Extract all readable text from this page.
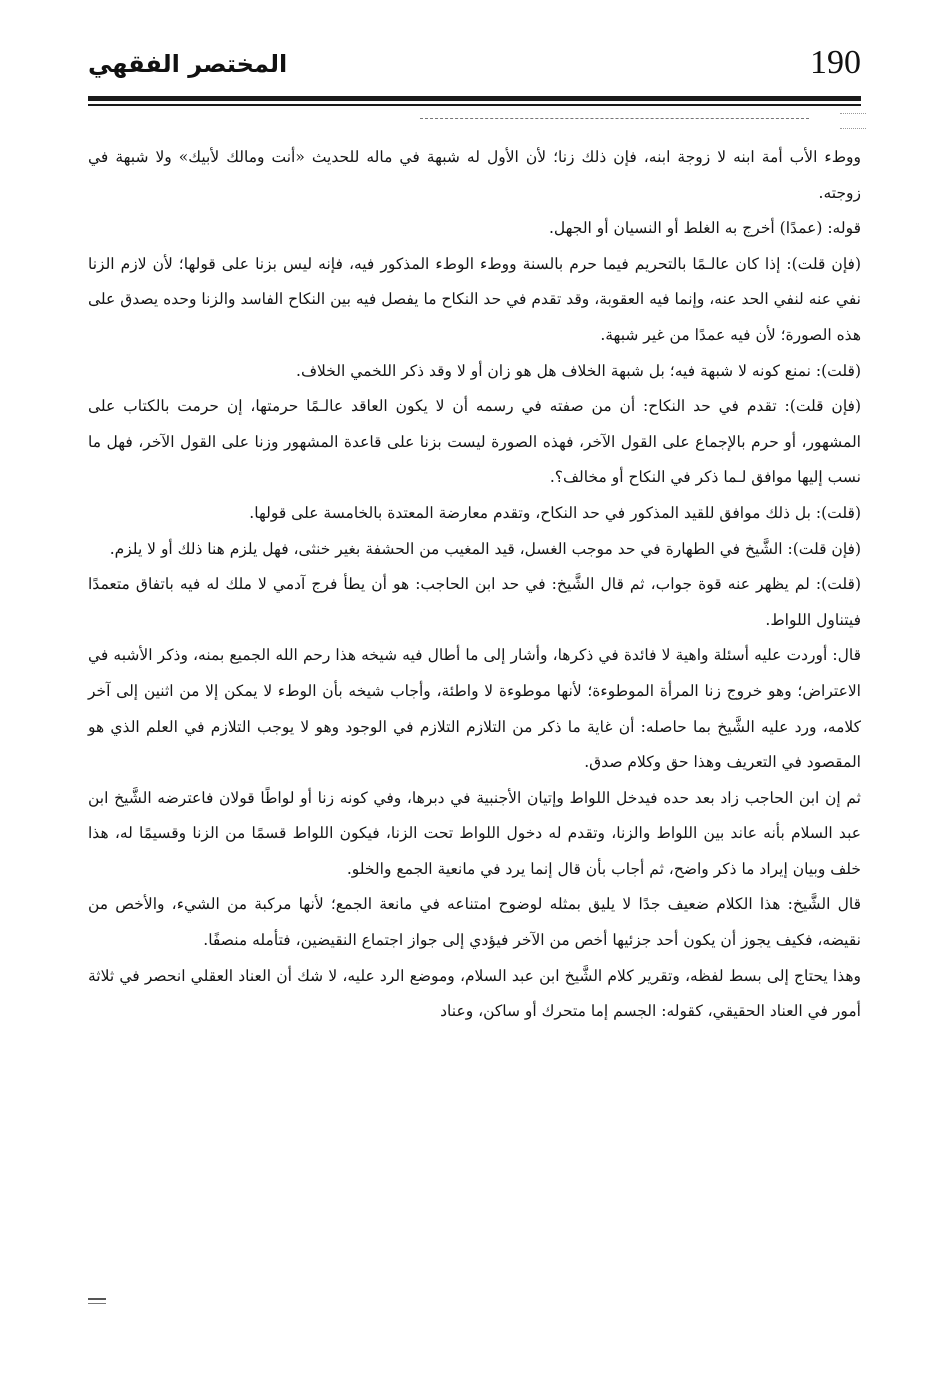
190
المختصر الفقهي

ووطء الأب أمة ابنه لا زوجة ابنه، فإن ذلك زنا؛ لأن الأول له شبهة في ماله للحديث «أنت ومالك لأبيك» ولا شبهة في زوجته.

قوله: (عمدًا) أخرج به الغلط أو النسيان أو الجهل.

(فإن قلت): إذا كان عالـمًا بالتحريم فيما حرم بالسنة ووطء الوطء المذكور فيه، فإنه ليس بزنا على قولها؛ لأن لازم الزنا نفي عنه لنفي الحد عنه، وإنما فيه العقوبة، وقد تقدم في حد النكاح ما يفصل فيه بين النكاح الفاسد والزنا وحده يصدق على هذه الصورة؛ لأن فيه عمدًا من غير شبهة.

(قلت): نمنع كونه لا شبهة فيه؛ بل شبهة الخلاف هل هو زان أو لا وقد ذكر اللخمي الخلاف.

(فإن قلت): تقدم في حد النكاح: أن من صفته في رسمه أن لا يكون العاقد عالـمًا حرمتها، إن حرمت بالكتاب على المشهور، أو حرم بالإجماع على القول الآخر، فهذه الصورة ليست بزنا على قاعدة المشهور وزنا على القول الآخر، فهل ما نسب إليها موافق لـما ذكر في النكاح أو مخالف؟.

(قلت): بل ذلك موافق للقيد المذكور في حد النكاح، وتقدم معارضة المعتدة بالخامسة على قولها.

(فإن قلت): الشَّيخ في الطهارة في حد موجب الغسل، قيد المغيب من الحشفة بغير خنثى، فهل يلزم هنا ذلك أو لا يلزم.

(قلت): لم يظهر عنه قوة جواب، ثم قال الشَّيخ: في حد ابن الحاجب: هو أن يطأ فرج آدمي لا ملك له فيه باتفاق متعمدًا فيتناول اللواط.

قال: أوردت عليه أسئلة واهية لا فائدة في ذكرها، وأشار إلى ما أطال فيه شيخه هذا رحم الله الجميع بمنه، وذكر الأشبه في الاعتراض؛ وهو خروج زنا المرأة الموطوءة؛ لأنها موطوءة لا واطئة، وأجاب شيخه بأن الوطء لا يمكن إلا من اثنين إلى آخر كلامه، ورد عليه الشَّيخ بما حاصله: أن غاية ما ذكر من التلازم التلازم في الوجود وهو لا يوجب التلازم في العلم الذي هو المقصود في التعريف وهذا حق وكلام صدق.

ثم إن ابن الحاجب زاد بعد حده فيدخل اللواط وإتيان الأجنبية في دبرها، وفي كونه زنا أو لواطًا قولان فاعترضه الشَّيخ ابن عبد السلام بأنه عاند بين اللواط والزنا، وتقدم له دخول اللواط تحت الزنا، فيكون اللواط قسمًا من الزنا وقسيمًا له، هذا خلف وبيان إيراد ما ذكر واضح، ثم أجاب بأن قال إنما يرد في مانعية الجمع والخلو.

قال الشَّيخ: هذا الكلام ضعيف جدًا لا يليق بمثله لوضوح امتناعه في مانعة الجمع؛ لأنها مركبة من الشيء، والأخص من نقيضه، فكيف يجوز أن يكون أحد جزئيها أخص من الآخر فيؤدي إلى جواز اجتماع النقيضين، فتأمله منصفًا.

وهذا يحتاج إلى بسط لفظه، وتقرير كلام الشَّيخ ابن عبد السلام، وموضع الرد عليه، لا شك أن العناد العقلي انحصر في ثلاثة أمور في العناد الحقيقي، كقوله: الجسم إما متحرك أو ساكن، وعناد
